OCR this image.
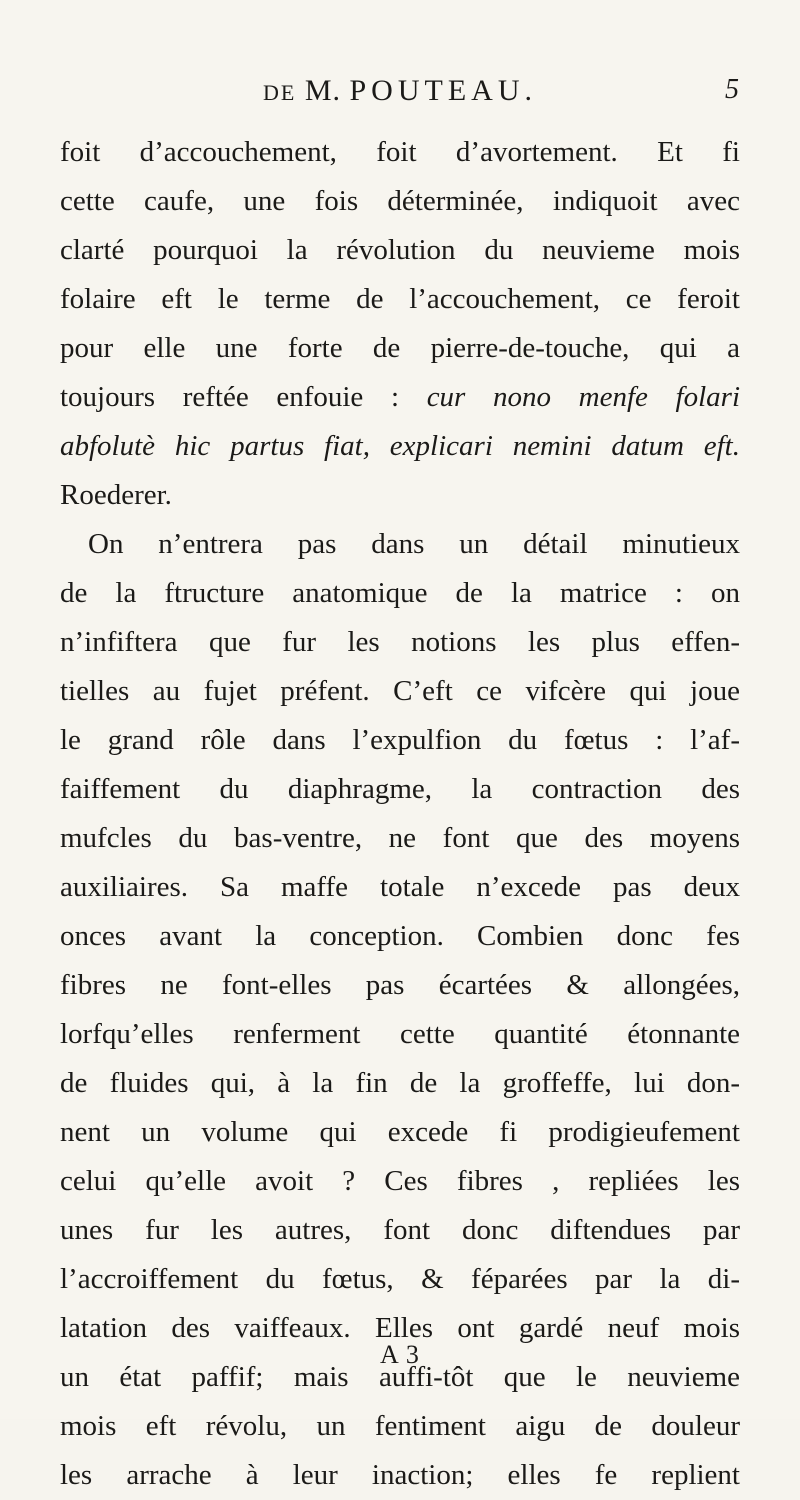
DE M. POUTEAU.	5
foit d’accouchement, foit d’avortement. Et fi
cette caufe, une fois déterminée, indiquoit avec
clarté pourquoi la révolution du neuvieme mois
folaire eft le terme de l’accouchement, ce feroit
pour elle une forte de pierre-de-touche, qui a
toujours reftée enfouie : cur nono menfe folari
abfolutè hic partus fiat, explicari nemini datum eft.
Roederer.
On n’entrera pas dans un détail minutieux
de la ftructure anatomique de la matrice : on
n’infiftera que fur les notions les plus effen-
tielles au fujet préfent. C’eft ce vifcère qui joue
le grand rôle dans l’expulfion du fœtus : l’af-
faiffement du diaphragme, la contraction des
mufcles du bas-ventre, ne font que des moyens
auxiliaires. Sa maffe totale n’excede pas deux
onces avant la conception. Combien donc fes
fibres ne font-elles pas écartées & allongées,
lorfqu’elles renferment cette quantité étonnante
de fluides qui, à la fin de la groffeffe, lui don-
nent un volume qui excede fi prodigieufement
celui qu’elle avoit ? Ces fibres , repliées les
unes fur les autres, font donc diftendues par
l’accroiffement du fœtus, & féparées par la di-
latation des vaiffeaux. Elles ont gardé neuf mois
un état paffif; mais auffi-tôt que le neuvieme
mois eft révolu, un fentiment aigu de douleur
les arrache à leur inaction; elles fe replient
A 3
